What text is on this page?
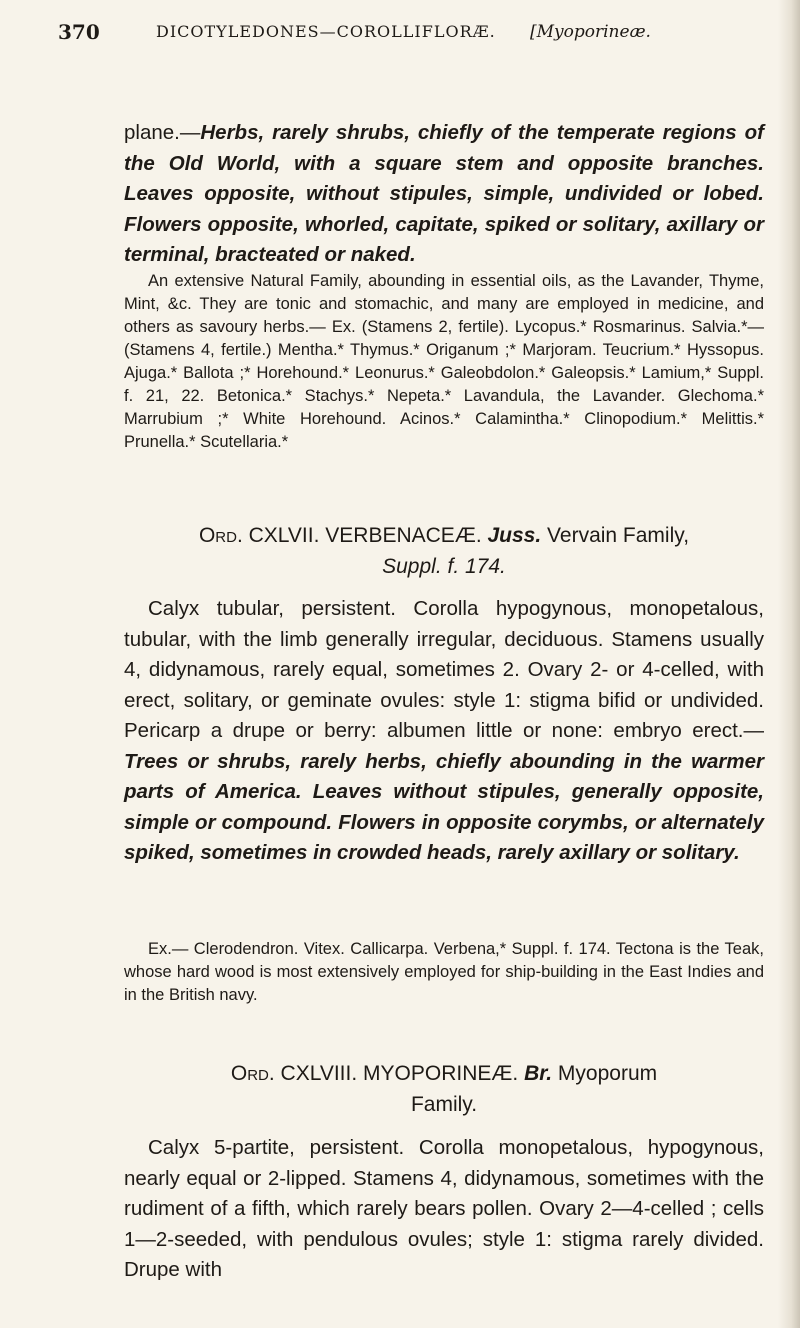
370	DICOTYLEDONES—COROLLIFLORÆ. [Myoporineæ.

plane.—Herbs, rarely shrubs, chiefly of the temperate regions of the Old World, with a square stem and opposite branches. Leaves opposite, without stipules, simple, undivided or lobed. Flowers opposite, whorled, capitate, spiked or solitary, axillary or terminal, bracteated or naked.

An extensive Natural Family, abounding in essential oils, as the Lavander, Thyme, Mint, &c. They are tonic and stomachic, and many are employed in medicine, and others as savoury herbs.— Ex. (Stamens 2, fertile). Lycopus.* Rosmarinus. Salvia.*— (Stamens 4, fertile.) Mentha.* Thymus.* Origanum ;* Marjoram. Teucrium.* Hyssopus. Ajuga.* Ballota ;* Horehound.* Leonurus.* Galeobdolon.* Galeopsis.* Lamium,* Suppl. f. 21, 22. Betonica.* Stachys.* Nepeta.* Lavandula, the Lavander. Glechoma.* Marrubium ;* White Horehound. Acinos.* Calamintha.* Clinopodium.* Melittis.* Prunella.* Scutellaria.*

Ord. CXLVII. VERBENACEÆ. Juss. Vervain Family,
Suppl. f. 174.

Calyx tubular, persistent. Corolla hypogynous, monopetalous, tubular, with the limb generally irregular, deciduous. Stamens usually 4, didynamous, rarely equal, sometimes 2. Ovary 2- or 4-celled, with erect, solitary, or geminate ovules: style 1: stigma bifid or undivided. Pericarp a drupe or berry: albumen little or none: embryo erect.—Trees or shrubs, rarely herbs, chiefly abounding in the warmer parts of America. Leaves without stipules, generally opposite, simple or compound. Flowers in opposite corymbs, or alternately spiked, sometimes in crowded heads, rarely axillary or solitary.

Ex.— Clerodendron. Vitex. Callicarpa. Verbena,* Suppl. f. 174. Tectona is the Teak, whose hard wood is most extensively employed for ship-building in the East Indies and in the British navy.

Ord. CXLVIII. MYOPORINEÆ. Br. Myoporum
Family.

Calyx 5-partite, persistent. Corolla monopetalous, hypogynous, nearly equal or 2-lipped. Stamens 4, didynamous, sometimes with the rudiment of a fifth, which rarely bears pollen. Ovary 2—4-celled ; cells 1—2-seeded, with pendulous ovules; style 1: stigma rarely divided. Drupe with
